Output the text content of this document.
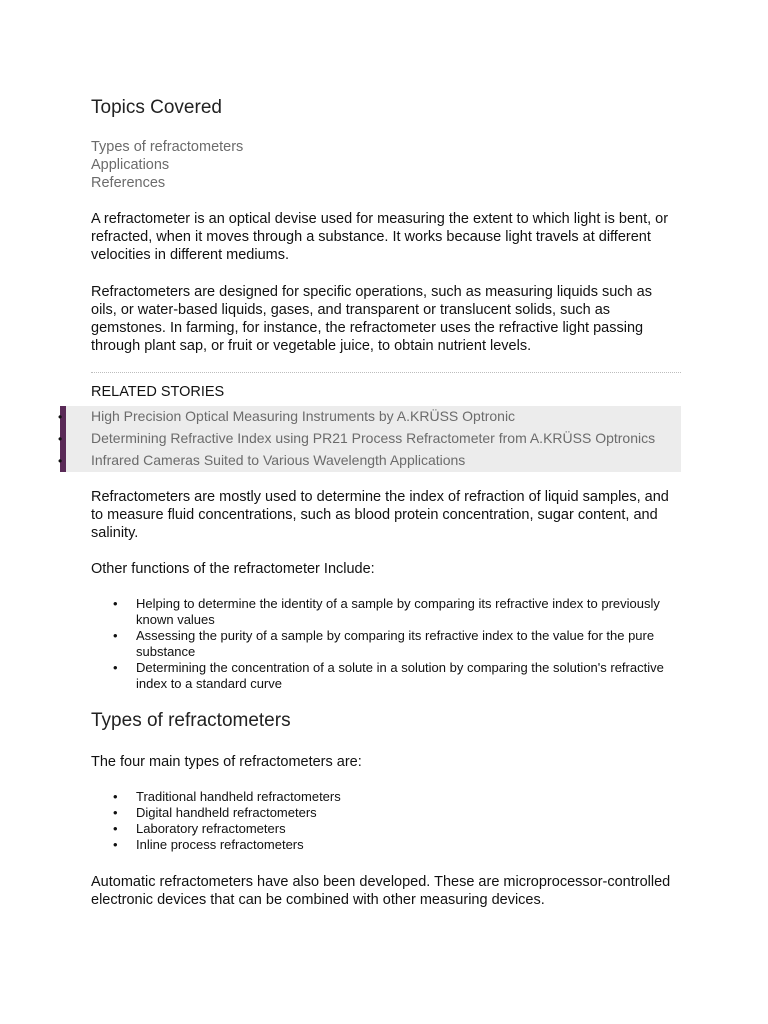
Topics Covered
Types of refractometers
Applications
References

A refractometer is an optical devise used for measuring the extent to which light is bent, or refracted, when it moves through a substance. It works because light travels at different velocities in different mediums.

Refractometers are designed for specific operations, such as measuring liquids such as oils, or water-based liquids, gases, and transparent or translucent solids, such as gemstones. In farming, for instance, the refractometer uses the refractive light passing through plant sap, or fruit or vegetable juice, to obtain nutrient levels.

RELATED STORIES
• High Precision Optical Measuring Instruments by A.KRÜSS Optronic
• Determining Refractive Index using PR21 Process Refractometer from A.KRÜSS Optronics
• Infrared Cameras Suited to Various Wavelength Applications

Refractometers are mostly used to determine the index of refraction of liquid samples, and to measure fluid concentrations, such as blood protein concentration, sugar content, and salinity.

Other functions of the refractometer Include:

• Helping to determine the identity of a sample by comparing its refractive index to previously known values
• Assessing the purity of a sample by comparing its refractive index to the value for the pure substance
• Determining the concentration of a solute in a solution by comparing the solution's refractive index to a standard curve
Types of refractometers

The four main types of refractometers are:

• Traditional handheld refractometers
• Digital handheld refractometers
• Laboratory refractometers
• Inline process refractometers

Automatic refractometers have also been developed. These are microprocessor-controlled electronic devices that can be combined with other measuring devices.
